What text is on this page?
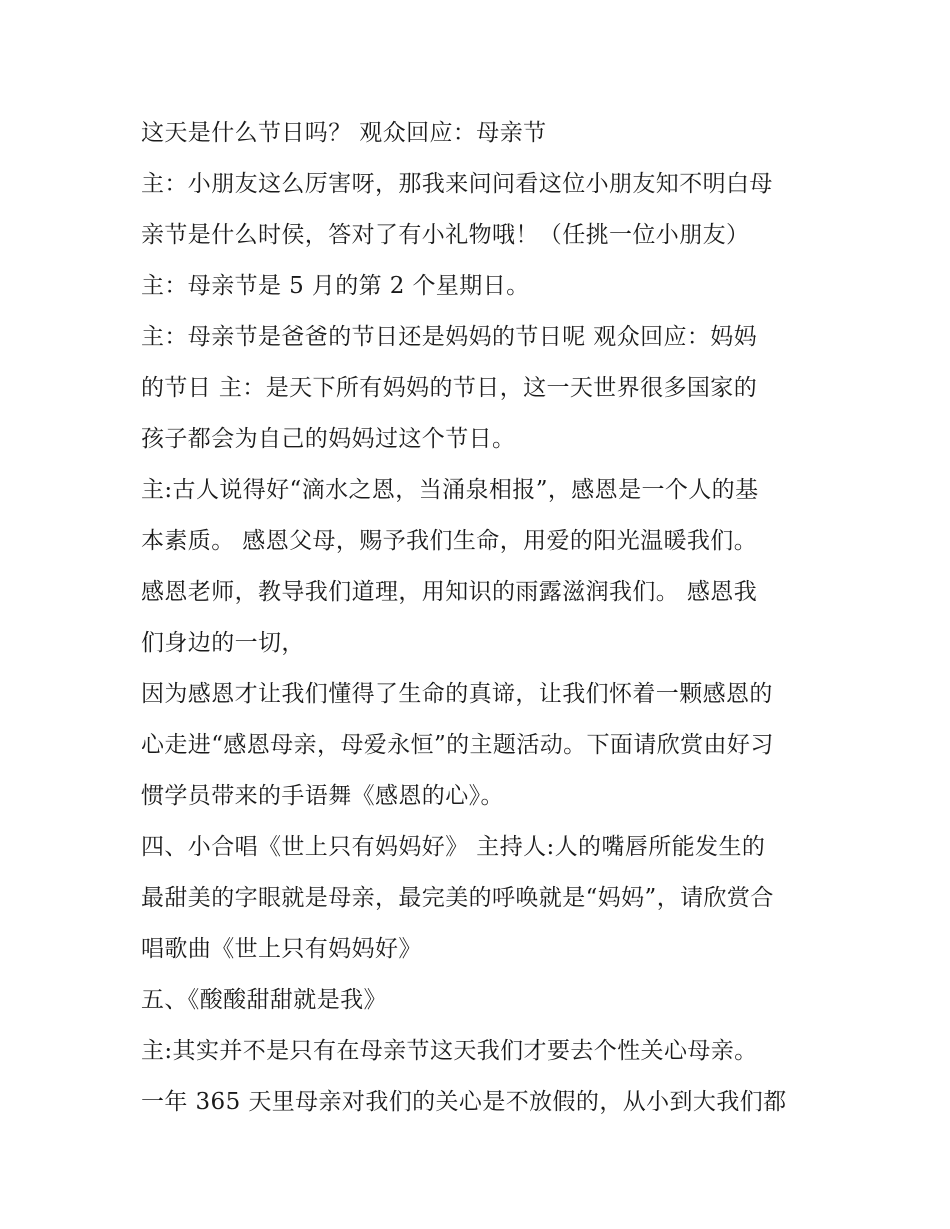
这天是什么节日吗？ 观众回应：母亲节
主：小朋友这么厉害呀，那我来问问看这位小朋友知不明白母
亲节是什么时侯，答对了有小礼物哦！（任挑一位小朋友）
主：母亲节是 5 月的第 2 个星期日。
主：母亲节是爸爸的节日还是妈妈的节日呢 观众回应：妈妈
的节日 主：是天下所有妈妈的节日，这一天世界很多国家的
孩子都会为自己的妈妈过这个节日。
主:古人说得好“滴水之恩，当涌泉相报”，感恩是一个人的基
本素质。 感恩父母，赐予我们生命，用爱的阳光温暖我们。
感恩老师，教导我们道理，用知识的雨露滋润我们。 感恩我
们身边的一切，
因为感恩才让我们懂得了生命的真谛，让我们怀着一颗感恩的
心走进“感恩母亲，母爱永恒”的主题活动。下面请欣赏由好习
惯学员带来的手语舞《感恩的心》。
四、小合唱《世上只有妈妈好》 主持人:人的嘴唇所能发生的
最甜美的字眼就是母亲，最完美的呼唤就是“妈妈”，请欣赏合
唱歌曲《世上只有妈妈好》
五、《酸酸甜甜就是我》
主:其实并不是只有在母亲节这天我们才要去个性关心母亲。
一年 365 天里母亲对我们的关心是不放假的，从小到大我们都
